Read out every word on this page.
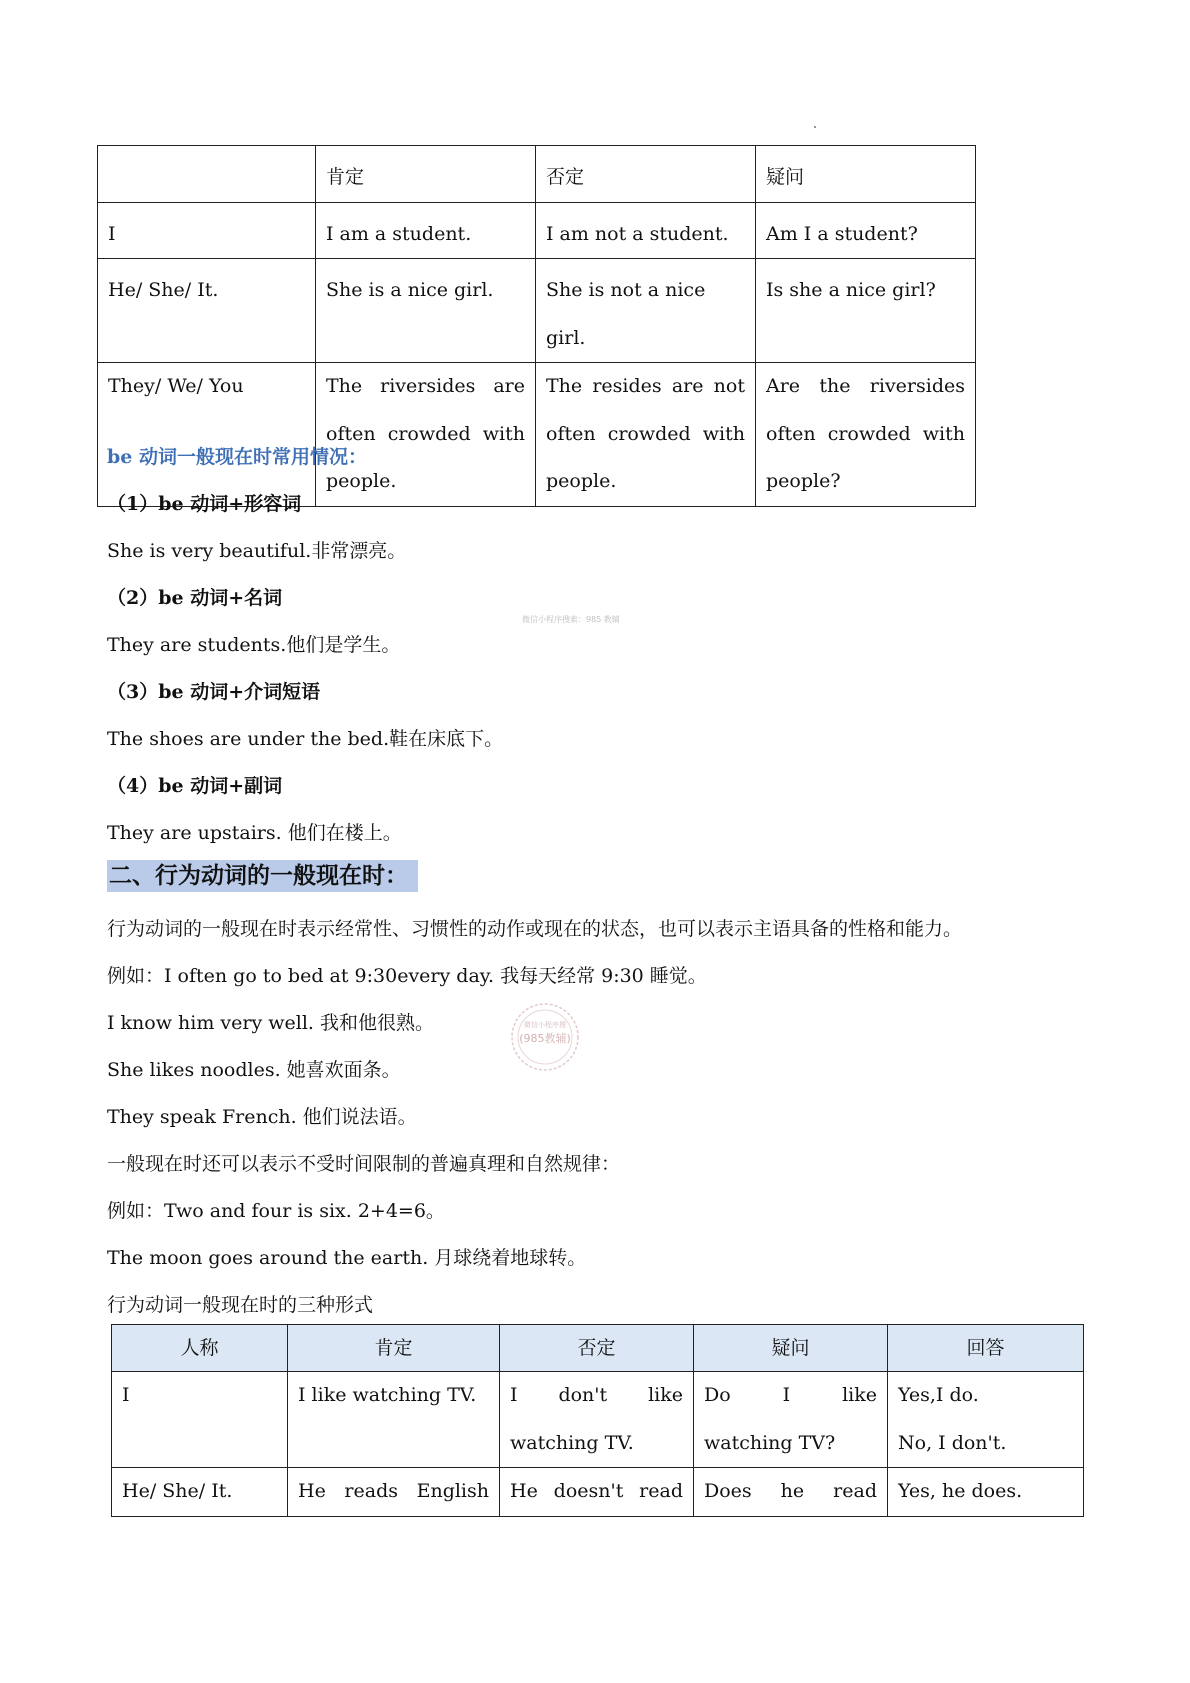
	肯定	否定	疑问
I	I am a student.	I am not a student.	Am I a student?
He/ She/ It.	She is a nice girl.	She is not a nice girl.	Is she a nice girl?
They/ We/ You	The riversides are often crowded with people.	The resides are not often crowded with people.	Are the riversides often crowded with people?
be 动词一般现在时常用情况：
（1）be 动词+形容词
She is very beautiful.非常漂亮。
（2）be 动词+名词
They are students.他们是学生。
（3）be 动词+介词短语
The shoes are under the bed.鞋在床底下。
（4）be 动词+副词
They are upstairs. 他们在楼上。
微信小程序搜索：985 教辅
二、行为动词的一般现在时：
行为动词的一般现在时表示经常性、习惯性的动作或现在的状态，也可以表示主语具备的性格和能力。
例如：I often go to bed at 9:30every day. 我每天经常 9:30 睡觉。
I know him very well. 我和他很熟。
She likes noodles. 她喜欢面条。
They speak French. 他们说法语。
一般现在时还可以表示不受时间限制的普遍真理和自然规律：
例如：Two and four is six. 2+4=6。
The moon goes around the earth. 月球绕着地球转。
行为动词一般现在时的三种形式
微信小程序搜
(985教辅)
人称	肯定	否定	疑问	回答
I	I like watching TV.	I don't like watching TV.	Do I like watching TV?	Yes,I do.
No, I don't.

He/ She/ It.	He reads English	He doesn't read	Does he read	Yes, he does.
